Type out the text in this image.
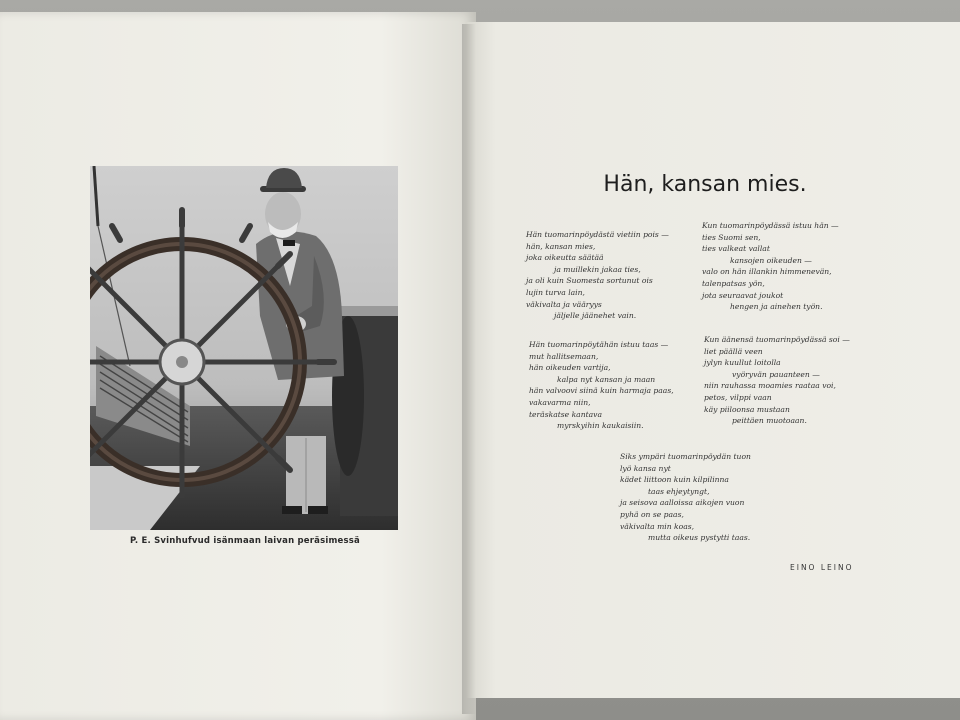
P. E. Svinhufvud isänmaan laivan peräsimessä
Hän, kansan mies.
Hän tuomarinpöydästä vietiin pois —
hän, kansan mies,
joka oikeutta säätää
ja muillekin jakaa ties,
ja oli kuin Suomesta sortunut ois
lujin turva lain,
väkivalta ja vääryys
jäljelle jäänehet vain.
Kun tuomarinpöydässä istuu hän —
ties Suomi sen,
ties valkeat vallat
kansojen oikeuden —
valo on hän illankin himmenevän,
talenpatsas yön,
jota seuraavat joukot
hengen ja ainehen työn.
Hän tuomarinpöytähän istuu taas —
mut hallitsemaan,
hän oikeuden vartija,
kalpa nyt kansan ja maan
hän valvoovi siinä kuin harmaja paas,
vakavarma niin,
teräskatse kantava
myrskyihin kaukaisiin.
Kun äänensä tuomarinpöydässä soi —
liet päällä veen
jylyn kuullut loitolla
vyöryvän pauanteen —
niin rauhassa moamies raataa voi,
petos, vilppi vaan
käy piiloonsa mustaan
peittäen muotoaan.
Siks ympäri tuomarinpöydän tuon
lyö kansa nyt
kädet liittoon kuin kilpilinna
taas ehjeytyngt,
ja seisova aalloissa aikojen vuon
pyhä on se paas,
väkivalta min koas,
mutta oikeus pystytti taas.
EINO LEINO
